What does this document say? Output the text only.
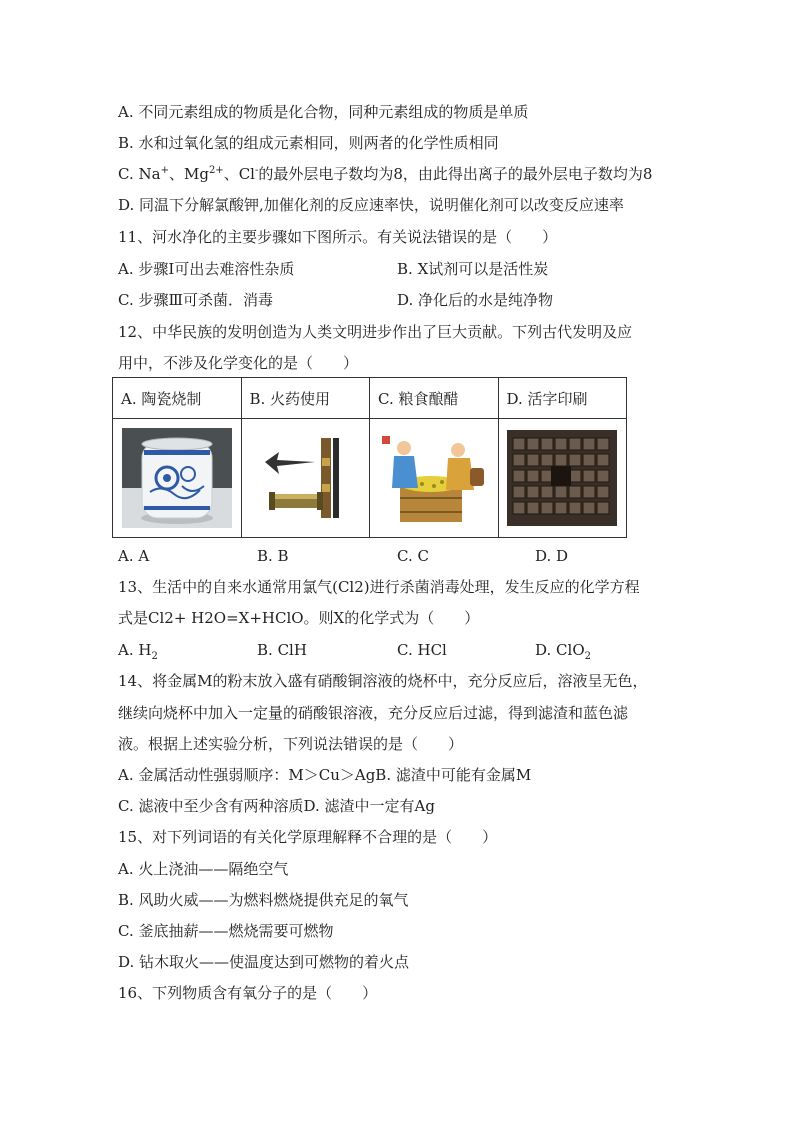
A. 不同元素组成的物质是化合物，同种元素组成的物质是单质
B. 水和过氧化氢的组成元素相同，则两者的化学性质相同
C. Na+、$Mg^{2+}$、Cl-的最外层电子数均为8，由此得出离子的最外层电子数均为8
D. 同温下分解氯酸钾,加催化剂的反应速率快，说明催化剂可以改变反应速率
11、河水净化的主要步骤如下图所示。有关说法错误的是（　　）
A. 步骤Ⅰ可出去难溶性杂质	B. X试剂可以是活性炭
C. 步骤Ⅲ可杀菌．消毒	D. 净化后的水是纯净物
12、中华民族的发明创造为人类文明进步作出了巨大贡献。下列古代发明及应
用中，不涉及化学变化的是（　　）
A. 陶瓷烧制	B. 火药使用	C. 粮食酿醋	D. 活字印刷

A. A	B. B	C. C	D. D
13、生活中的自来水通常用氯气(Cl2)进行杀菌消毒处理，发生反应的化学方程
式是Cl2+ H2O=X+HClO。则X的化学式为（　　）
A. $H_2$	B. ClH	C. HCl	D. ClO$_2$
14、将金属M的粉末放入盛有硝酸铜溶液的烧杯中，充分反应后，溶液呈无色，
继续向烧杯中加入一定量的硝酸银溶液，充分反应后过滤，得到滤渣和蓝色滤
液。根据上述实验分析，下列说法错误的是（　　）
A. 金属活动性强弱顺序：M＞Cu＞AgB. 滤渣中可能有金属M
C. 滤液中至少含有两种溶质D. 滤渣中一定有Ag
15、对下列词语的有关化学原理解释不合理的是（　　）
A. 火上浇油——隔绝空气
B. 风助火威——为燃料燃烧提供充足的氧气
C. 釜底抽薪——燃烧需要可燃物
D. 钻木取火——使温度达到可燃物的着火点
16、下列物质含有氧分子的是（　　）
